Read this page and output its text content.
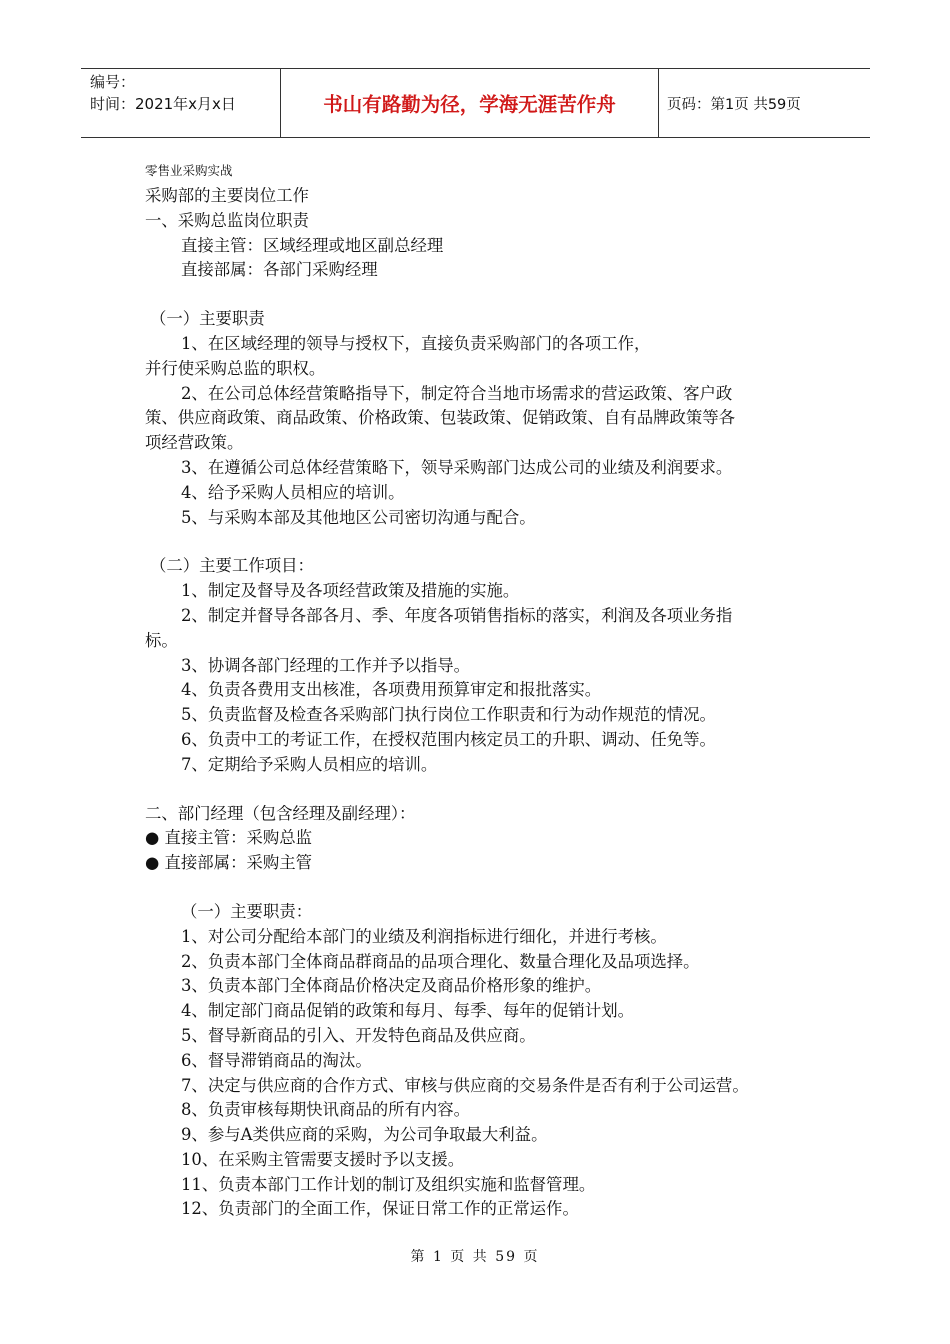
编号：
时间：2021年x月x日	书山有路勤为径，学海无涯苦作舟	页码：第1页 共59页
零售业采购实战
采购部的主要岗位工作
一、采购总监岗位职责
直接主管：区域经理或地区副总经理
直接部属：各部门采购经理
（一）主要职责
1、在区域经理的领导与授权下，直接负责采购部门的各项工作，
并行使采购总监的职权。
2、在公司总体经营策略指导下，制定符合当地市场需求的营运政策、客户政
策、供应商政策、商品政策、价格政策、包装政策、促销政策、自有品牌政策等各
项经营政策。
3、在遵循公司总体经营策略下，领导采购部门达成公司的业绩及利润要求。
4、给予采购人员相应的培训。
5、与采购本部及其他地区公司密切沟通与配合。
（二）主要工作项目：
1、制定及督导及各项经营政策及措施的实施。
2、制定并督导各部各月、季、年度各项销售指标的落实，利润及各项业务指
标。
3、协调各部门经理的工作并予以指导。
4、负责各费用支出核准，各项费用预算审定和报批落实。
5、负责监督及检查各采购部门执行岗位工作职责和行为动作规范的情况。
6、负责中工的考证工作，在授权范围内核定员工的升职、调动、任免等。
7、定期给予采购人员相应的培训。
二、部门经理（包含经理及副经理）：
● 直接主管：采购总监
● 直接部属：采购主管
（一）主要职责：
1、对公司分配给本部门的业绩及利润指标进行细化，并进行考核。
2、负责本部门全体商品群商品的品项合理化、数量合理化及品项选择。
3、负责本部门全体商品价格决定及商品价格形象的维护。
4、制定部门商品促销的政策和每月、每季、每年的促销计划。
5、督导新商品的引入、开发特色商品及供应商。
6、督导滞销商品的淘汰。
7、决定与供应商的合作方式、审核与供应商的交易条件是否有利于公司运营。
8、负责审核每期快讯商品的所有内容。
9、参与A类供应商的采购，为公司争取最大利益。
10、在采购主管需要支援时予以支援。
11、负责本部门工作计划的制订及组织实施和监督管理。
12、负责部门的全面工作，保证日常工作的正常运作。
第 1 页 共 59 页
